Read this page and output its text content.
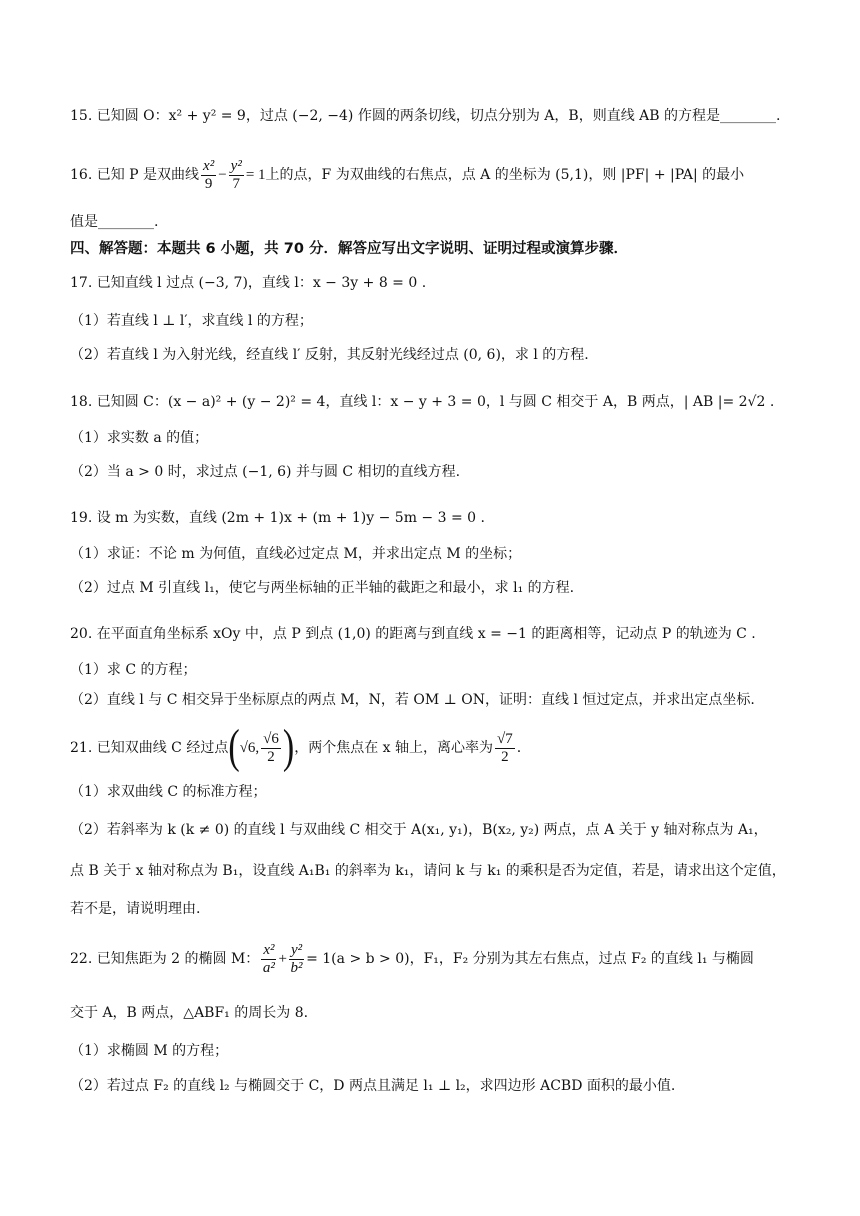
15. 已知圆 O：x² + y² = 9，过点 (−2, −4) 作圆的两条切线，切点分别为 A，B，则直线 AB 的方程是________.
16. 已知 P 是双曲线 $\frac{\text{x²}}{9} - \frac{\text{y²}}{7} = 1$ 上的点，F 为双曲线的右焦点，点 A 的坐标为 (5,1)，则 |PF| + |PA| 的最小
值是________.
四、解答题：本题共 6 小题，共 70 分．解答应写出文字说明、证明过程或演算步骤．
17. 已知直线 l 过点 (−3, 7)，直线 l：x − 3y + 8 = 0 .
（1）若直线 l ⊥ l′，求直线 l 的方程；
（2）若直线 l 为入射光线，经直线 l′ 反射，其反射光线经过点 (0, 6)，求 l 的方程.
18. 已知圆 C：(x − a)² + (y − 2)² = 4，直线 l：x − y + 3 = 0，l 与圆 C 相交于 A，B 两点，| AB |= 2√2 .
（1）求实数 a 的值；
（2）当 a > 0 时，求过点 (−1, 6) 并与圆 C 相切的直线方程.
19. 设 m 为实数，直线 (2m + 1)x + (m + 1)y − 5m − 3 = 0 .
（1）求证：不论 m 为何值，直线必过定点 M，并求出定点 M 的坐标；
（2）过点 M 引直线 l₁，使它与两坐标轴的正半轴的截距之和最小，求 l₁ 的方程.
20. 在平面直角坐标系 xOy 中，点 P 到点 (1,0) 的距离与到直线 x = −1 的距离相等，记动点 P 的轨迹为 C .
（1）求 C 的方程；
（2）直线 l 与 C 相交异于坐标原点的两点 M，N，若 OM ⊥ ON，证明：直线 l 恒过定点，并求出定点坐标.
21. 已知双曲线 C 经过点 ( √6, $\frac{√6}{2}$ ) ，两个焦点在 x 轴上，离心率为 $\frac{√7}{2}$ .
（1）求双曲线 C 的标准方程；
（2）若斜率为 k (k ≠ 0) 的直线 l 与双曲线 C 相交于 A(x₁, y₁)，B(x₂, y₂) 两点，点 A 关于 y 轴对称点为 A₁，
点 B 关于 x 轴对称点为 B₁，设直线 A₁B₁ 的斜率为 k₁，请问 k 与 k₁ 的乘积是否为定值，若是，请求出这个定值，
若不是，请说明理由.
22. 已知焦距为 2 的椭圆 M： $\frac{\text{x²}}{\text{a²}} + \frac{\text{y²}}{\text{b²}} = 1(a > b > 0)$，F₁，F₂ 分别为其左右焦点，过点 F₂ 的直线 l₁ 与椭圆
交于 A，B 两点，△ABF₁ 的周长为 8.
（1）求椭圆 M 的方程；
（2）若过点 F₂ 的直线 l₂ 与椭圆交于 C，D 两点且满足 l₁ ⊥ l₂，求四边形 ACBD 面积的最小值.
